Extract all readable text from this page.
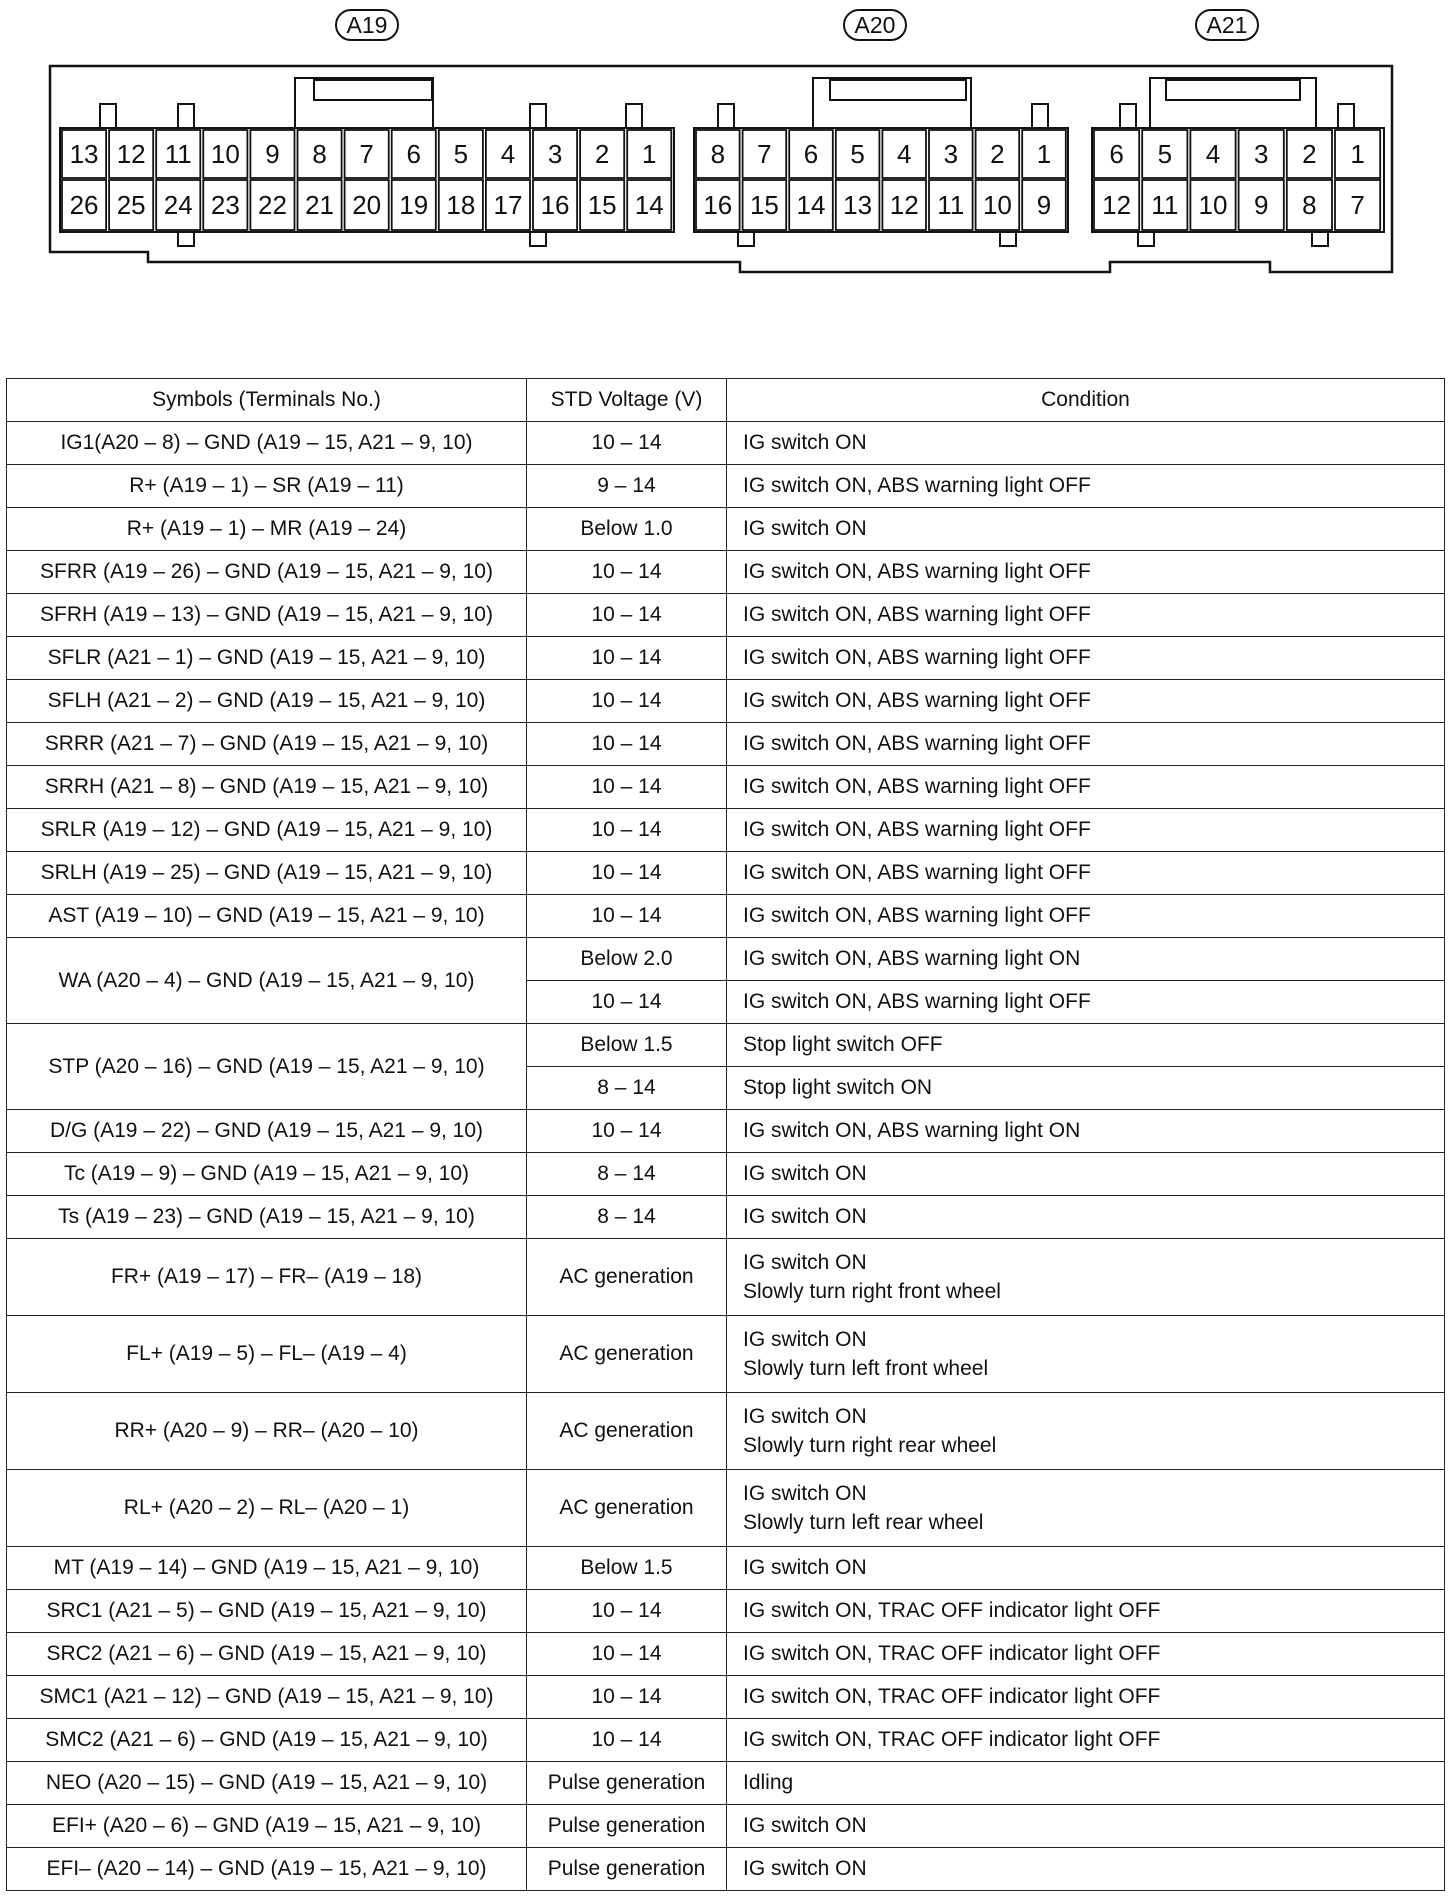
A19	A20	A21
13 12 11 10 9 8 7 6 5 4 3 2 1
26 25 24 23 22 21 20 19 18 17 16 15 14
8 7 6 5 4 3 2 1
16 15 14 13 12 11 10 9
6 5 4 3 2 1
12 11 10 9 8 7
Symbols (Terminals No.)	STD Voltage (V)	Condition
IG1(A20 – 8) – GND (A19 – 15, A21 – 9, 10)	10 – 14	IG switch ON
R+ (A19 – 1) – SR (A19 – 11)	9 – 14	IG switch ON, ABS warning light OFF
R+ (A19 – 1) – MR (A19 – 24)	Below 1.0	IG switch ON
SFRR (A19 – 26) – GND (A19 – 15, A21 – 9, 10)	10 – 14	IG switch ON, ABS warning light OFF
SFRH (A19 – 13) – GND (A19 – 15, A21 – 9, 10)	10 – 14	IG switch ON, ABS warning light OFF
SFLR (A21 – 1) – GND (A19 – 15, A21 – 9, 10)	10 – 14	IG switch ON, ABS warning light OFF
SFLH (A21 – 2) – GND (A19 – 15, A21 – 9, 10)	10 – 14	IG switch ON, ABS warning light OFF
SRRR (A21 – 7) – GND (A19 – 15, A21 – 9, 10)	10 – 14	IG switch ON, ABS warning light OFF
SRRH (A21 – 8) – GND (A19 – 15, A21 – 9, 10)	10 – 14	IG switch ON, ABS warning light OFF
SRLR (A19 – 12) – GND (A19 – 15, A21 – 9, 10)	10 – 14	IG switch ON, ABS warning light OFF
SRLH (A19 – 25) – GND (A19 – 15, A21 – 9, 10)	10 – 14	IG switch ON, ABS warning light OFF
AST (A19 – 10) – GND (A19 – 15, A21 – 9, 10)	10 – 14	IG switch ON, ABS warning light OFF
WA (A20 – 4) – GND (A19 – 15, A21 – 9, 10)	Below 2.0	IG switch ON, ABS warning light ON
	10 – 14	IG switch ON, ABS warning light OFF
STP (A20 – 16) – GND (A19 – 15, A21 – 9, 10)	Below 1.5	Stop light switch OFF
	8 – 14	Stop light switch ON
D/G (A19 – 22) – GND (A19 – 15, A21 – 9, 10)	10 – 14	IG switch ON, ABS warning light ON
Tc (A19 – 9) – GND (A19 – 15, A21 – 9, 10)	8 – 14	IG switch ON
Ts (A19 – 23) – GND (A19 – 15, A21 – 9, 10)	8 – 14	IG switch ON
FR+ (A19 – 17) – FR– (A19 – 18)	AC generation	IG switch ON
Slowly turn right front wheel

FL+ (A19 – 5) – FL– (A19 – 4)	AC generation	IG switch ON
Slowly turn left front wheel

RR+ (A20 – 9) – RR– (A20 – 10)	AC generation	IG switch ON
Slowly turn right rear wheel

RL+ (A20 – 2) – RL– (A20 – 1)	AC generation	IG switch ON
Slowly turn left rear wheel

MT (A19 – 14) – GND (A19 – 15, A21 – 9, 10)	Below 1.5	IG switch ON
SRC1 (A21 – 5) – GND (A19 – 15, A21 – 9, 10)	10 – 14	IG switch ON, TRAC OFF indicator light OFF
SRC2 (A21 – 6) – GND (A19 – 15, A21 – 9, 10)	10 – 14	IG switch ON, TRAC OFF indicator light OFF
SMC1 (A21 – 12) – GND (A19 – 15, A21 – 9, 10)	10 – 14	IG switch ON, TRAC OFF indicator light OFF
SMC2 (A21 – 6) – GND (A19 – 15, A21 – 9, 10)	10 – 14	IG switch ON, TRAC OFF indicator light OFF
NEO (A20 – 15) – GND (A19 – 15, A21 – 9, 10)	Pulse generation	Idling
EFI+ (A20 – 6) – GND (A19 – 15, A21 – 9, 10)	Pulse generation	IG switch ON
EFI– (A20 – 14) – GND (A19 – 15, A21 – 9, 10)	Pulse generation	IG switch ON
